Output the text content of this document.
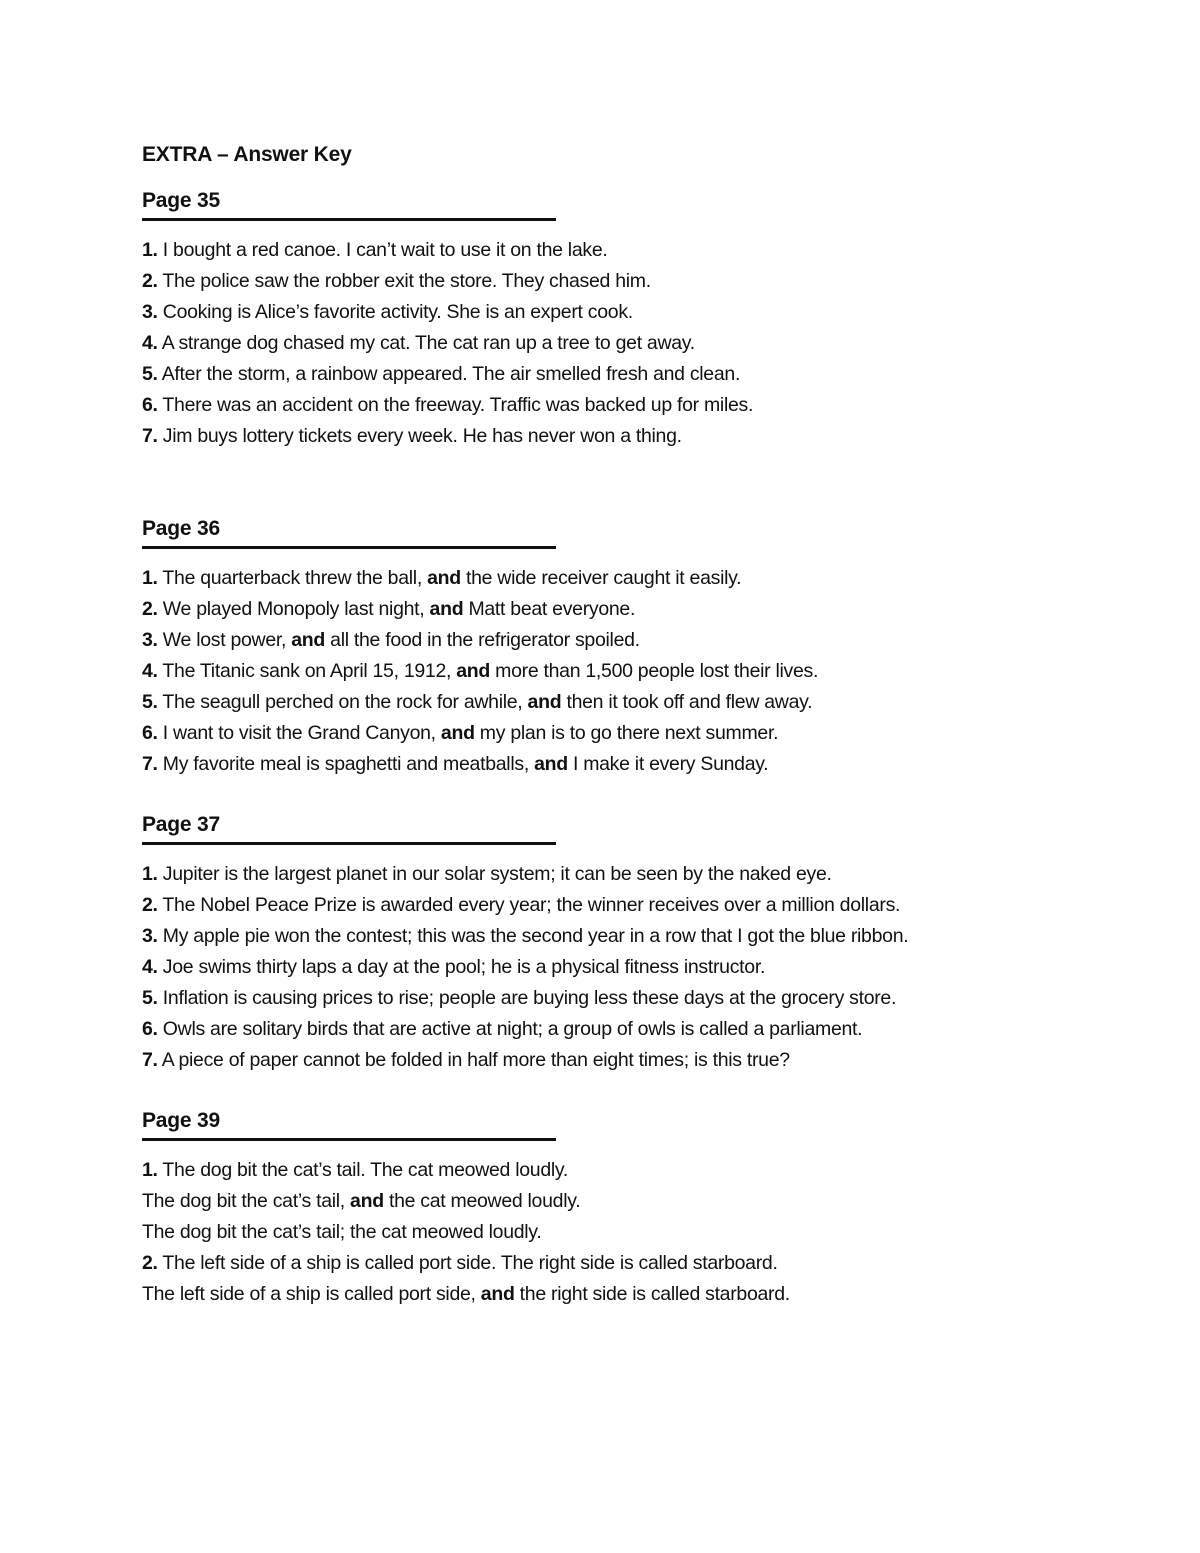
EXTRA – Answer Key
Page 35
1. I bought a red canoe. I can’t wait to use it on the lake.
2. The police saw the robber exit the store. They chased him.
3. Cooking is Alice’s favorite activity. She is an expert cook.
4. A strange dog chased my cat. The cat ran up a tree to get away.
5. After the storm, a rainbow appeared. The air smelled fresh and clean.
6. There was an accident on the freeway. Traffic was backed up for miles.
7. Jim buys lottery tickets every week. He has never won a thing.
Page 36
1. The quarterback threw the ball, and the wide receiver caught it easily.
2. We played Monopoly last night, and Matt beat everyone.
3. We lost power, and all the food in the refrigerator spoiled.
4. The Titanic sank on April 15, 1912, and more than 1,500 people lost their lives.
5. The seagull perched on the rock for awhile, and then it took off and flew away.
6. I want to visit the Grand Canyon, and my plan is to go there next summer.
7. My favorite meal is spaghetti and meatballs, and I make it every Sunday.
Page 37
1. Jupiter is the largest planet in our solar system; it can be seen by the naked eye.
2. The Nobel Peace Prize is awarded every year; the winner receives over a million dollars.
3. My apple pie won the contest; this was the second year in a row that I got the blue ribbon.
4. Joe swims thirty laps a day at the pool; he is a physical fitness instructor.
5. Inflation is causing prices to rise; people are buying less these days at the grocery store.
6. Owls are solitary birds that are active at night; a group of owls is called a parliament.
7. A piece of paper cannot be folded in half more than eight times; is this true?
Page 39
1. The dog bit the cat’s tail. The cat meowed loudly.
The dog bit the cat’s tail, and the cat meowed loudly.
The dog bit the cat’s tail; the cat meowed loudly.
2. The left side of a ship is called port side. The right side is called starboard.
The left side of a ship is called port side, and the right side is called starboard.
